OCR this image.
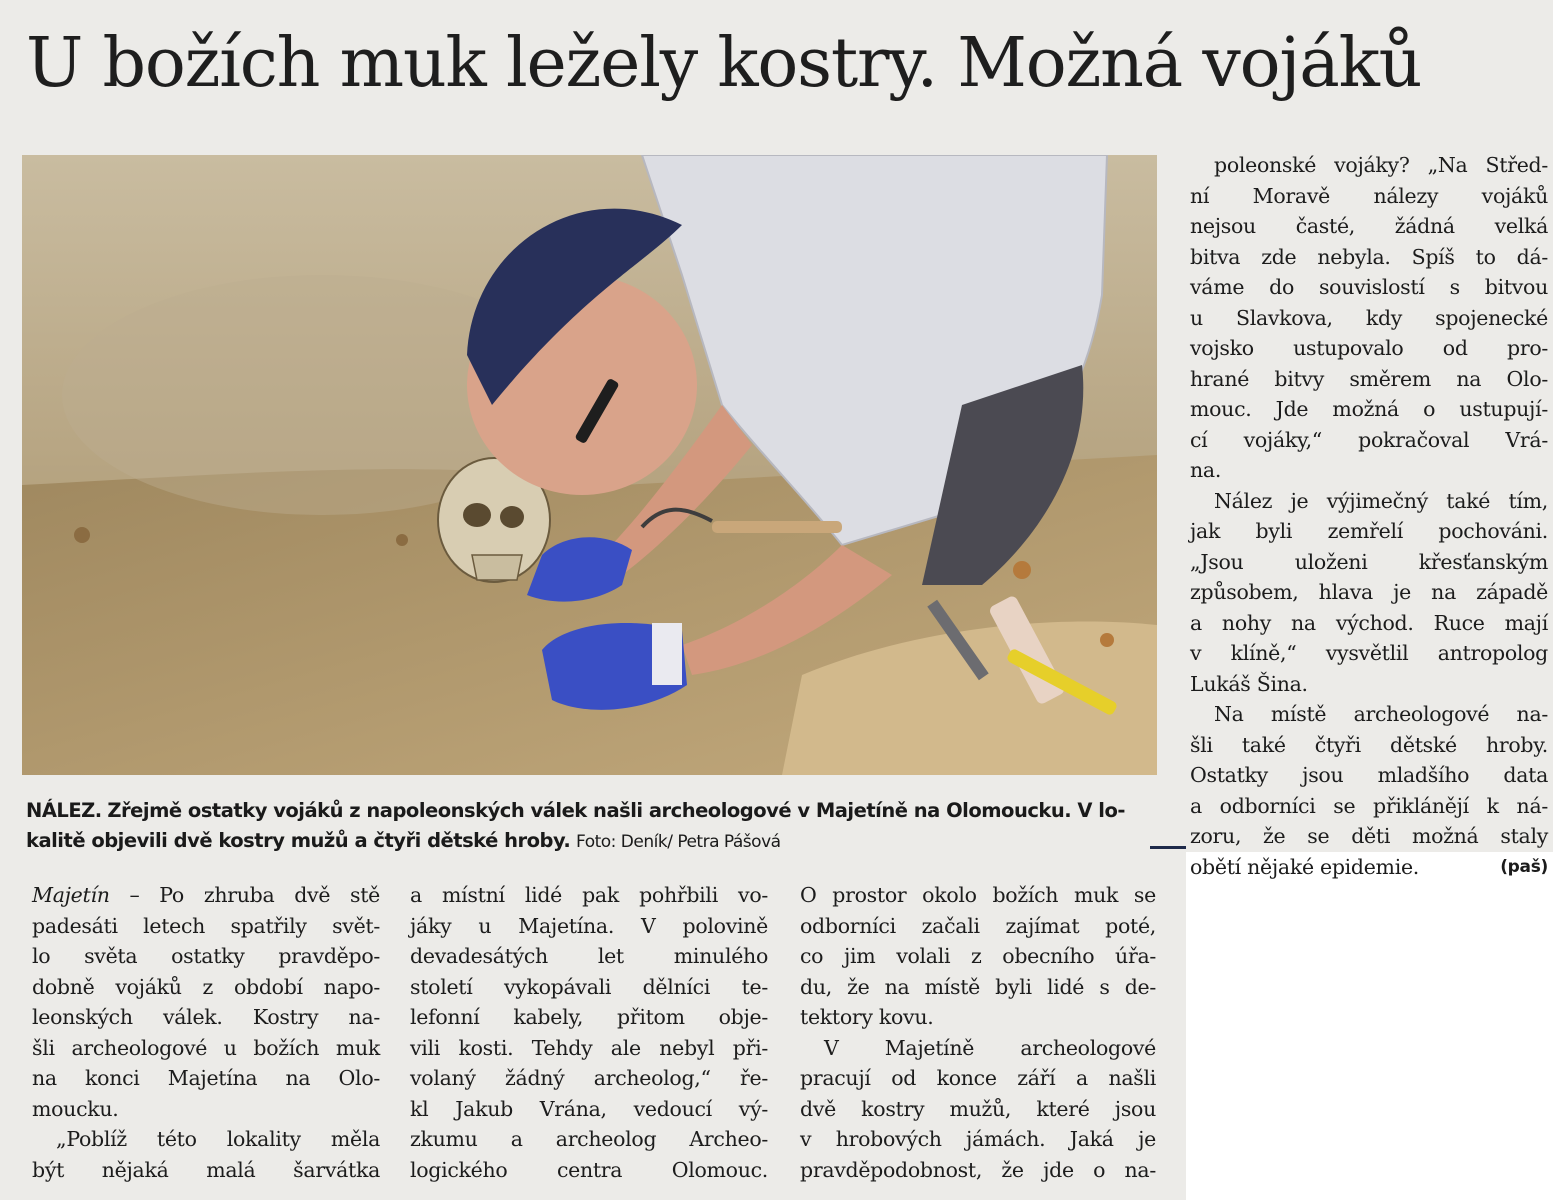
U božích muk ležely kostry. Možná vojáků
NÁLEZ. Zřejmě ostatky vojáků z napoleonských válek našli archeologové v Majetíně na Olomoucku. V lo-
kalitě objevili dvě kostry mužů a čtyři dětské hroby. Foto: Deník/ Petra Pášová
Majetín – Po zhruba dvě stě
padesáti letech spatřily svět-
lo světa ostatky pravděpo-
dobně vojáků z období napo-
leonských válek. Kostry na-
šli archeologové u božích muk
na konci Majetína na Olo-
moucku.
„Poblíž této lokality měla
být nějaká malá šarvátka
a místní lidé pak pohřbili vo-
jáky u Majetína. V polovině
devadesátých let minulého
století vykopávali dělníci te-
lefonní kabely, přitom obje-
vili kosti. Tehdy ale nebyl při-
volaný žádný archeolog,“ ře-
kl Jakub Vrána, vedoucí vý-
zkumu a archeolog Archeo-
logického centra Olomouc.
O prostor okolo božích muk se
odborníci začali zajímat poté,
co jim volali z obecního úřa-
du, že na místě byli lidé s de-
tektory kovu.
V Majetíně archeologové
pracují od konce září a našli
dvě kostry mužů, které jsou
v hrobových jámách. Jaká je
pravděpodobnost, že jde o na-
poleonské vojáky? „Na Střed-
ní Moravě nálezy vojáků
nejsou časté, žádná velká
bitva zde nebyla. Spíš to dá-
váme do souvislostí s bitvou
u Slavkova, kdy spojenecké
vojsko ustupovalo od pro-
hrané bitvy směrem na Olo-
mouc. Jde možná o ustupují-
cí vojáky,“ pokračoval Vrá-
na.
Nález je výjimečný také tím,
jak byli zemřelí pochováni.
„Jsou uloženi křesťanským
způsobem, hlava je na západě
a nohy na východ. Ruce mají
v klíně,“ vysvětlil antropolog
Lukáš Šina.
Na místě archeologové na-
šli také čtyři dětské hroby.
Ostatky jsou mladšího data
a odborníci se přiklánějí k ná-
zoru, že se děti možná staly
obětí nějaké epidemie.	(paš)
